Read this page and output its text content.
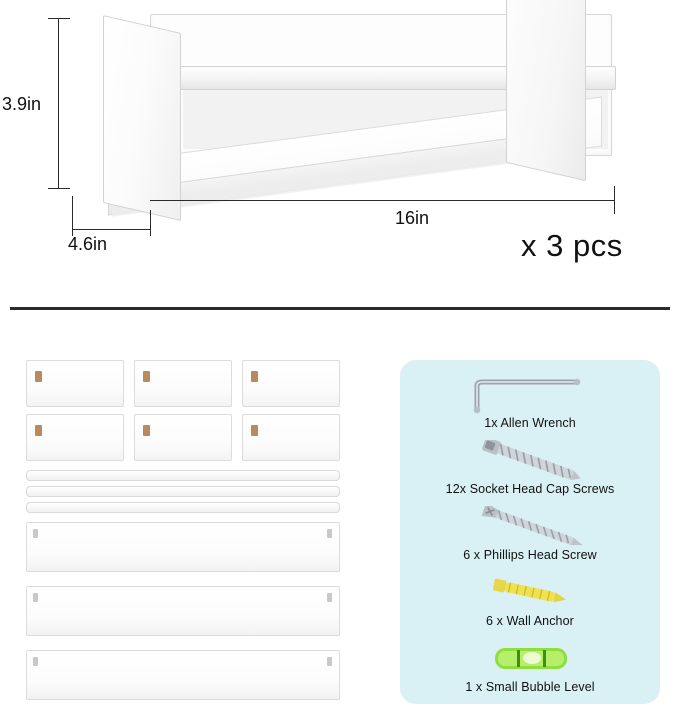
3.9in
4.6in
16in
x 3 pcs
1x Allen Wrench
12x Socket Head Cap Screws
6 x Phillips Head Screw
6 x Wall Anchor
1 x Small Bubble Level
